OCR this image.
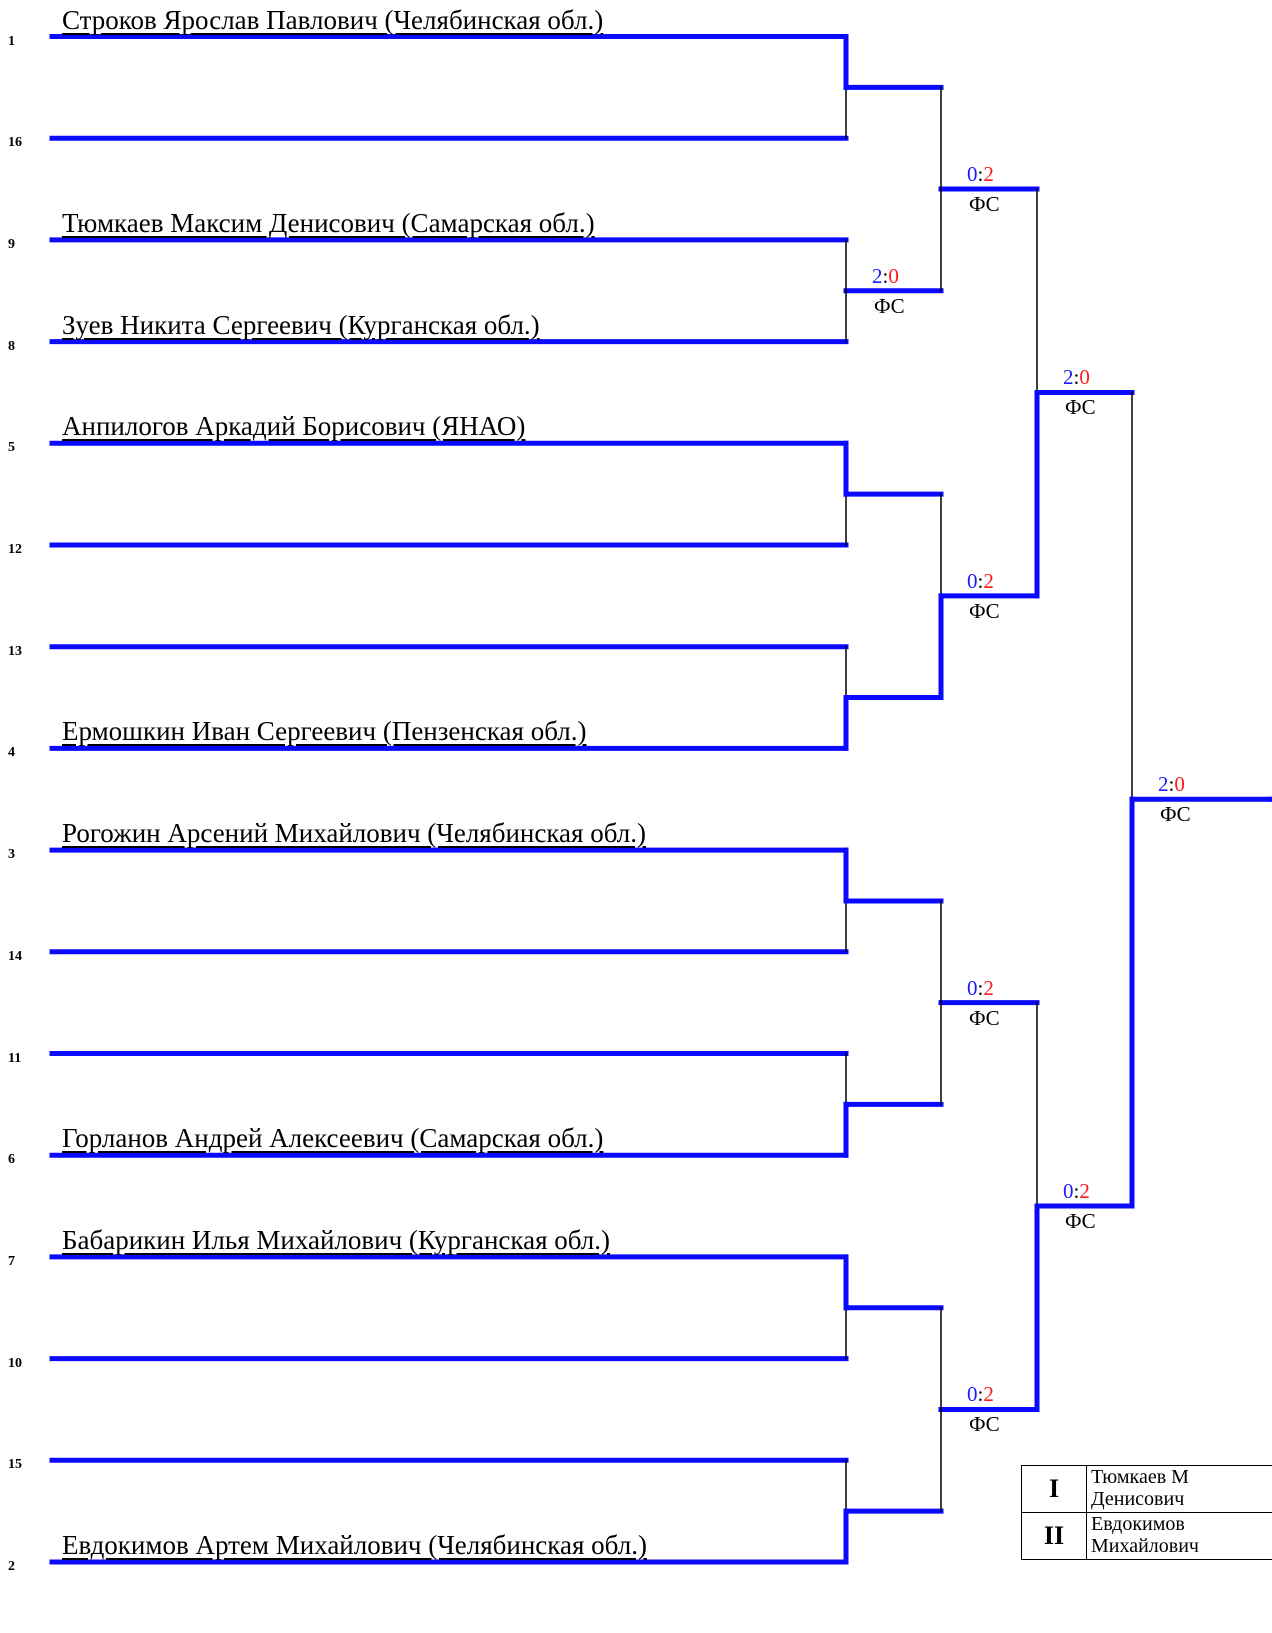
1
Строков Ярослав Павлович (Челябинская обл.)
16
9
Тюмкаев Максим Денисович (Самарская обл.)
8
Зуев Никита Сергеевич (Курганская обл.)
5
Анпилогов Аркадий Борисович (ЯНАО)
12
13
4
Ермошкин Иван Сергеевич (Пензенская обл.)
3
Рогожин Арсений Михайлович (Челябинская обл.)
14
11
6
Горланов Андрей Алексеевич (Самарская обл.)
7
Бабарикин Илья Михайлович (Курганская обл.)
10
15
2
Евдокимов Артем Михайлович (Челябинская обл.)
2:0
ФС
0:2
ФС
0:2
ФС
0:2
ФС
0:2
ФС
2:0
ФС
0:2
ФС
2:0
ФС
I	Тюмкаев М
Денисович
II	Евдокимов
Михайлович
